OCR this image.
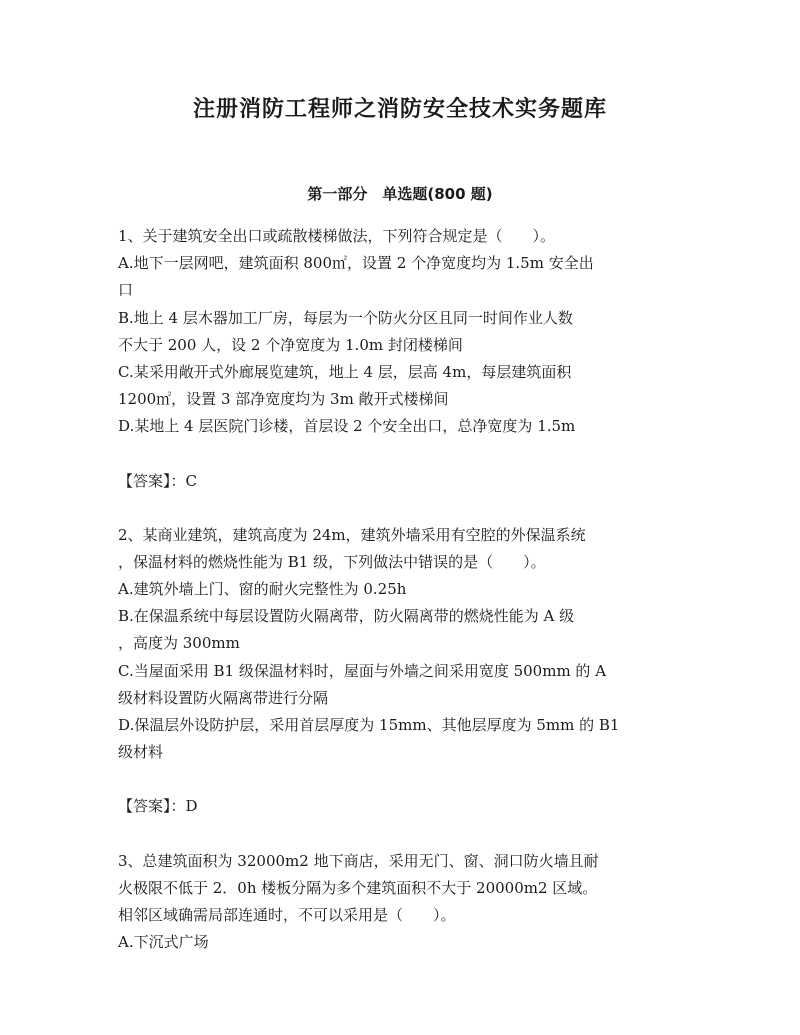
注册消防工程师之消防安全技术实务题库
第一部分　单选题(800 题)
1、关于建筑安全出口或疏散楼梯做法，下列符合规定是（　　）。
A.地下一层网吧，建筑面积 800㎡，设置 2 个净宽度均为 1.5m 安全出
口
B.地上 4 层木器加工厂房，每层为一个防火分区且同一时间作业人数
不大于 200 人，设 2 个净宽度为 1.0m 封闭楼梯间
C.某采用敞开式外廊展览建筑，地上 4 层，层高 4m，每层建筑面积
1200㎡，设置 3 部净宽度均为 3m 敞开式楼梯间
D.某地上 4 层医院门诊楼，首层设 2 个安全出口，总净宽度为 1.5m
【答案】：C
2、某商业建筑，建筑高度为 24m，建筑外墙采用有空腔的外保温系统
，保温材料的燃烧性能为 B1 级，下列做法中错误的是（　　）。
A.建筑外墙上门、窗的耐火完整性为 0.25h
B.在保温系统中每层设置防火隔离带，防火隔离带的燃烧性能为 A 级
，高度为 300mm
C.当屋面采用 B1 级保温材料时，屋面与外墙之间采用宽度 500mm 的 A
级材料设置防火隔离带进行分隔
D.保温层外设防护层，采用首层厚度为 15mm、其他层厚度为 5mm 的 B1
级材料
【答案】：D
3、总建筑面积为 32000m2 地下商店，采用无门、窗、洞口防火墙且耐
火极限不低于 2．0h 楼板分隔为多个建筑面积不大于 20000m2 区域。
相邻区域确需局部连通时，不可以采用是（　　）。
A.下沉式广场
